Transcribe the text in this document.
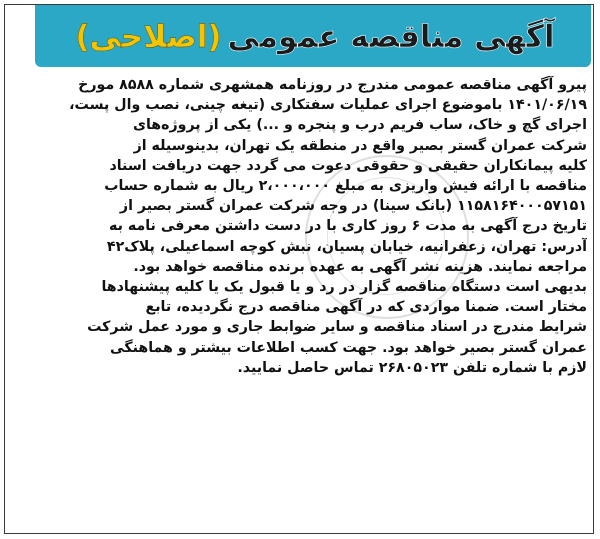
آگهی مناقصه عمومی(اصلاحی)
پیرو آگهی مناقصه عمومی مندرج در روزنامه همشهری شماره ۸۵۸۸ مورخ
۱۴۰۱/۰۶/۱۹ باموضوع اجرای عملیات سفتکاری (تیغه چینی، نصب وال پست،
اجرای گچ و خاک، ساب فریم درب و پنجره و ...) یکی از پروژه‌های
شرکت عمران گستر بصیر واقع در منطقه یک تهران، بدینوسیله از
کلیه پیمانکاران حقیقی و حقوقی دعوت می گردد جهت دریافت اسناد
مناقصه با ارائه فیش واریزی به مبلغ ۲،۰۰۰،۰۰۰ ریال به شماره حساب
۱۱۵۸۱۶۴۰۰۰۵۷۱۵۱ (بانک سینا) در وجه شرکت عمران گستر بصیر از
تاریخ درج آگهی به مدت ۶ روز کاری با در دست داشتن معرفی نامه به
آدرس: تهران، زعفرانیه، خیابان پسیان، نبش کوچه اسماعیلی، پلاک۴۲
مراجعه نمایند. هزینه نشر آگهی به عهده برنده مناقصه خواهد بود.
بدیهی است دستگاه مناقصه گزار در رد و یا قبول یک یا کلیه پیشنهادها
مختار است. ضمنا مواردی که در آگهی مناقصه درج نگردیده، تابع
شرایط مندرج در اسناد مناقصه و سایر ضوابط جاری و مورد عمل شرکت
عمران گستر بصیر خواهد بود. جهت کسب اطلاعات بیشتر و هماهنگی
لازم با شماره تلفن ۲۶۸۰۵۰۲۳ تماس حاصل نمایید.
